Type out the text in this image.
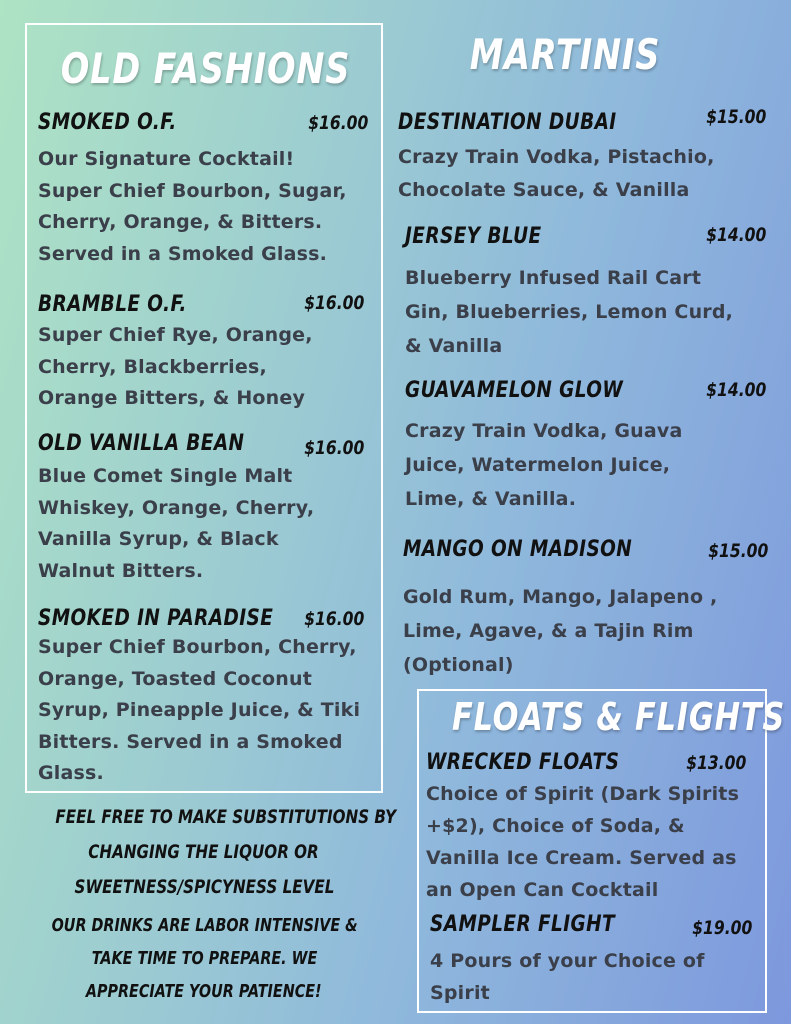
OLD FASHIONS
SMOKED O.F.	$16.00

Our Signature Cocktail! Super Chief Bourbon, Sugar, Cherry, Orange, & Bitters. Served in a Smoked Glass.

BRAMBLE O.F.	$16.00

Super Chief Rye, Orange, Cherry, Blackberries, Orange Bitters, & Honey

OLD VANILLA BEAN	$16.00

Blue Comet Single Malt Whiskey, Orange, Cherry, Vanilla Syrup, & Black Walnut Bitters.

SMOKED IN PARADISE $16.00

Super Chief Bourbon, Cherry, Orange, Toasted Coconut Syrup, Pineapple Juice, & Tiki Bitters. Served in a Smoked Glass.

FEEL FREE TO MAKE SUBSTITUTIONS BY
CHANGING THE LIQUOR OR
SWEETNESS/SPICYNESS LEVEL

OUR DRINKS ARE LABOR INTENSIVE &
TAKE TIME TO PREPARE. WE
APPRECIATE YOUR PATIENCE!

MARTINIS
DESTINATION DUBAI	$15.00

Crazy Train Vodka, Pistachio, Chocolate Sauce, & Vanilla

JERSEY BLUE	$14.00

Blueberry Infused Rail Cart Gin, Blueberries, Lemon Curd, & Vanilla

GUAVAMELON GLOW	$14.00

Crazy Train Vodka, Guava Juice, Watermelon Juice, Lime, & Vanilla.

MANGO ON MADISON	$15.00

Gold Rum, Mango, Jalapeno , Lime, Agave, & a Tajin Rim (Optional)

FLOATS & FLIGHTS
WRECKED FLOATS	$13.00

Choice of Spirit (Dark Spirits +$2), Choice of Soda, & Vanilla Ice Cream. Served as an Open Can Cocktail

SAMPLER FLIGHT	$19.00

4 Pours of your Choice of Spirit
